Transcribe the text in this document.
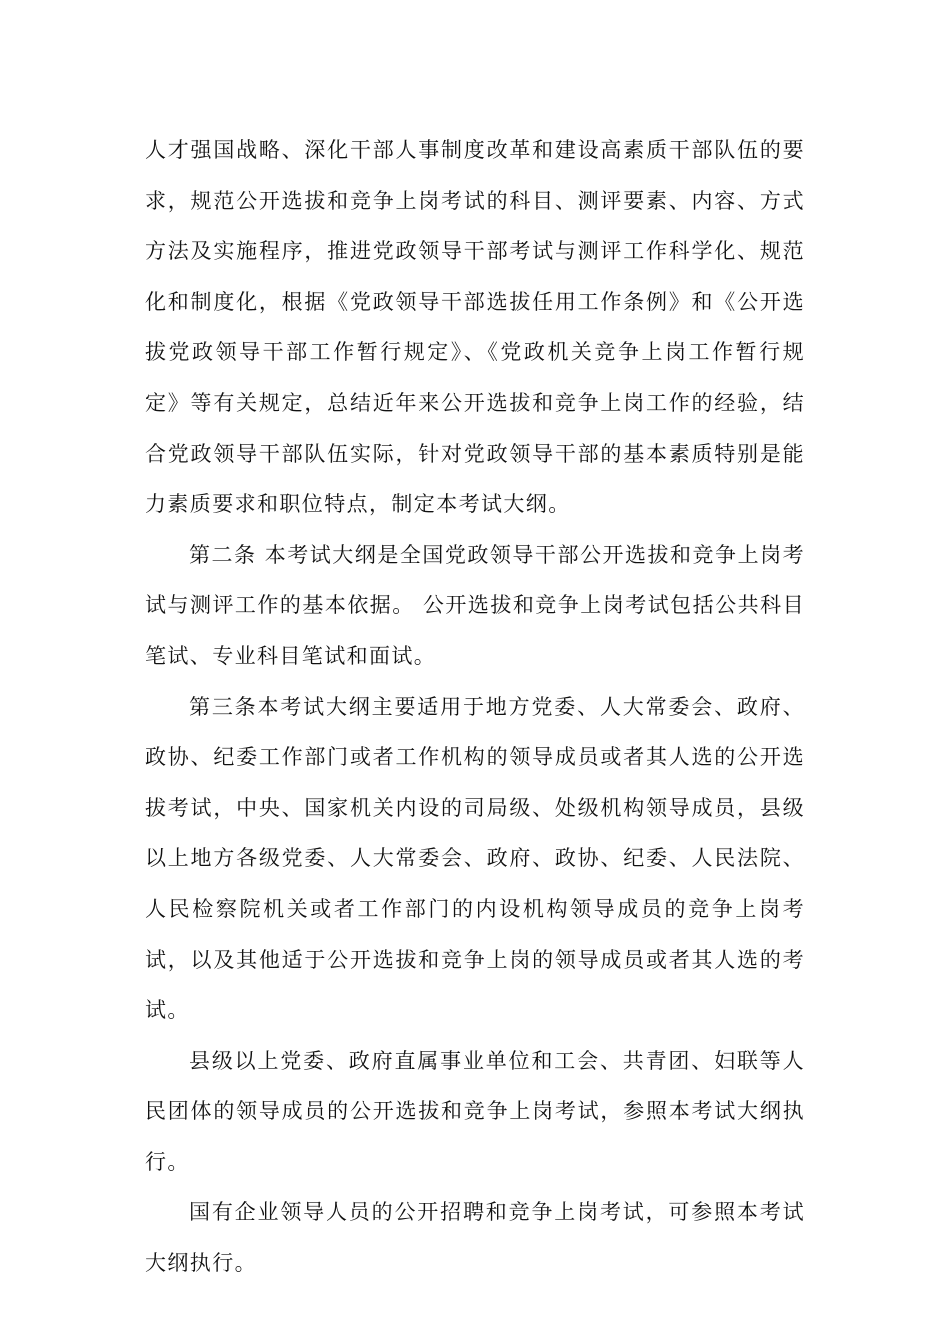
人才强国战略、深化干部人事制度改革和建设高素质干部队伍的要求，规范公开选拔和竞争上岗考试的科目、测评要素、内容、方式方法及实施程序，推进党政领导干部考试与测评工作科学化、规范化和制度化，根据《党政领导干部选拔任用工作条例》和《公开选拔党政领导干部工作暂行规定》、《党政机关竞争上岗工作暂行规定》等有关规定，总结近年来公开选拔和竞争上岗工作的经验，结合党政领导干部队伍实际，针对党政领导干部的基本素质特别是能力素质要求和职位特点，制定本考试大纲。

第二条 本考试大纲是全国党政领导干部公开选拔和竞争上岗考试与测评工作的基本依据。 公开选拔和竞争上岗考试包括公共科目笔试、专业科目笔试和面试。

第三条本考试大纲主要适用于地方党委、人大常委会、政府、政协、纪委工作部门或者工作机构的领导成员或者其人选的公开选拔考试，中央、国家机关内设的司局级、处级机构领导成员，县级以上地方各级党委、人大常委会、政府、政协、纪委、人民法院、人民检察院机关或者工作部门的内设机构领导成员的竞争上岗考试，以及其他适于公开选拔和竞争上岗的领导成员或者其人选的考试。

县级以上党委、政府直属事业单位和工会、共青团、妇联等人民团体的领导成员的公开选拔和竞争上岗考试，参照本考试大纲执行。

国有企业领导人员的公开招聘和竞争上岗考试，可参照本考试大纲执行。
